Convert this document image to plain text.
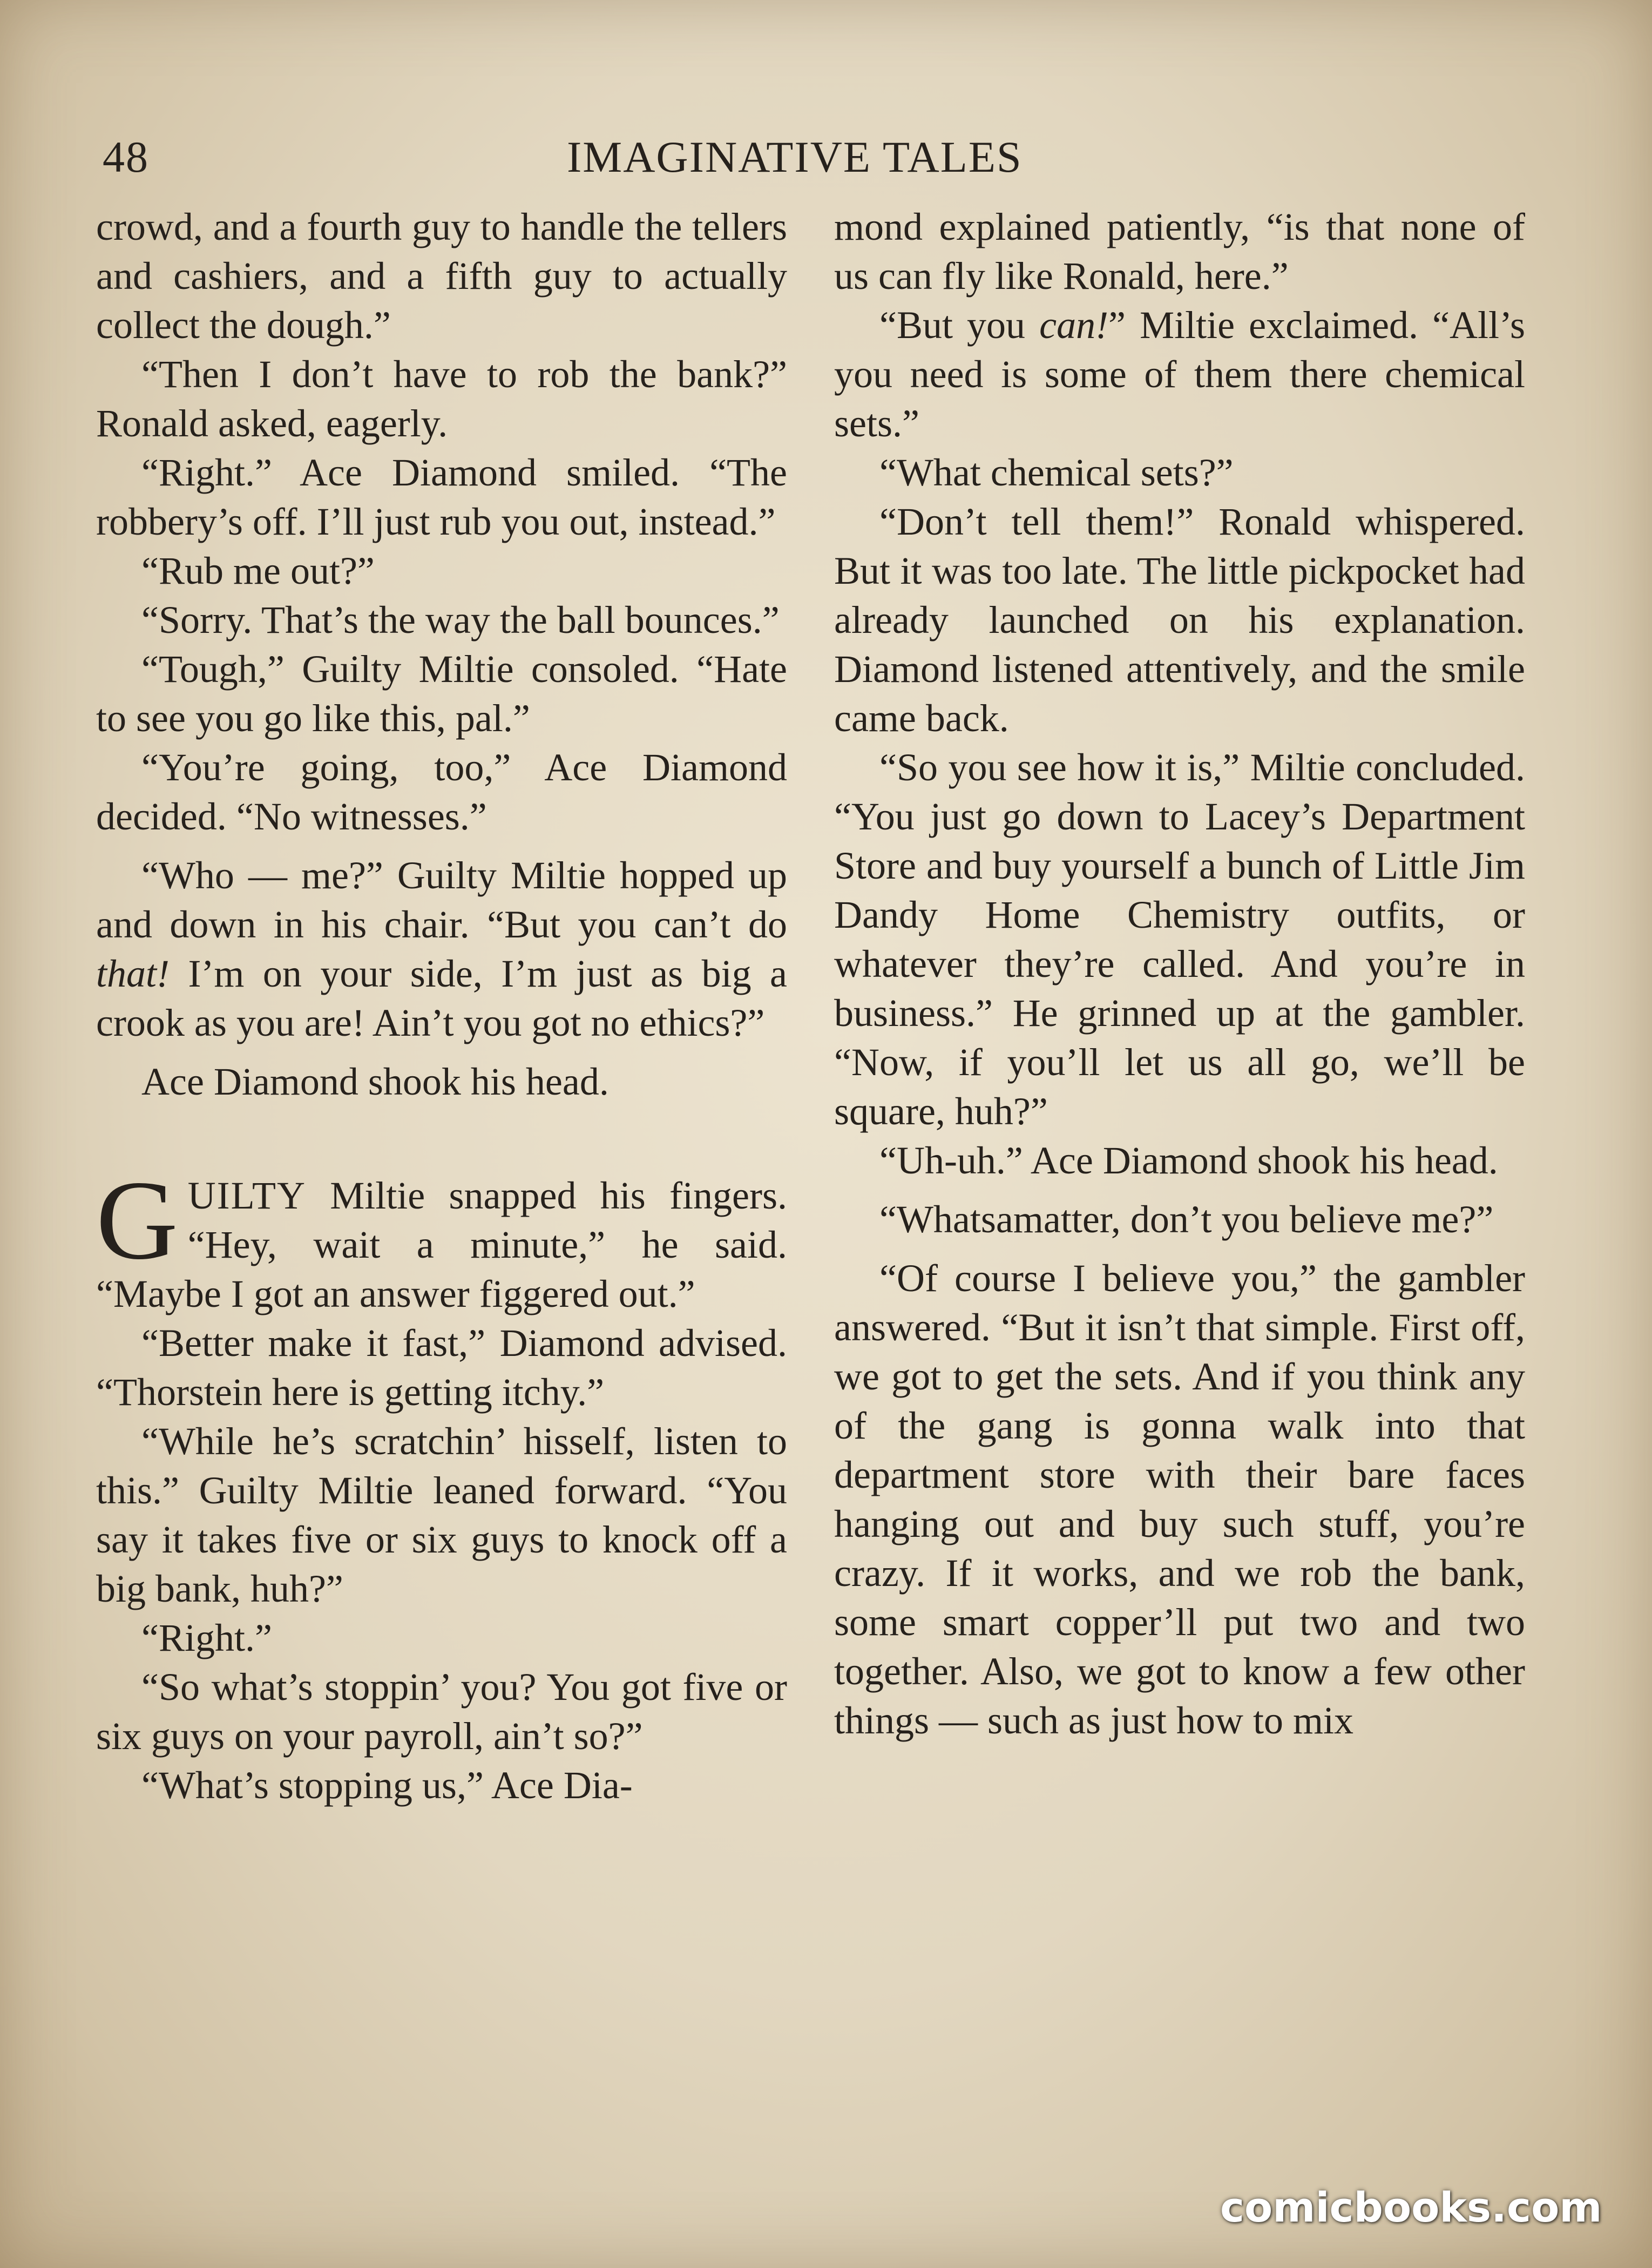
48	IMAGINATIVE TALES

crowd, and a fourth guy to handle the tellers and cashiers, and a fifth guy to actually collect the dough.”

“Then I don’t have to rob the bank?” Ronald asked, eagerly.

“Right.” Ace Diamond smiled. “The robbery’s off. I’ll just rub you out, instead.”

“Rub me out?”

“Sorry. That’s the way the ball bounces.”

“Tough,” Guilty Miltie consoled. “Hate to see you go like this, pal.”

“You’re going, too,” Ace Diamond decided. “No witnesses.”

“Who — me?” Guilty Miltie hopped up and down in his chair. “But you can’t do that! I’m on your side, I’m just as big a crook as you are! Ain’t you got no ethics?”

Ace Diamond shook his head.

GUILTY Miltie snapped his fingers. “Hey, wait a minute,” he said. “Maybe I got an answer figgered out.”

“Better make it fast,” Diamond advised. “Thorstein here is getting itchy.”

“While he’s scratchin’ hisself, listen to this.” Guilty Miltie leaned forward. “You say it takes five or six guys to knock off a big bank, huh?”

“Right.”

“So what’s stoppin’ you? You got five or six guys on your payroll, ain’t so?”

“What’s stopping us,” Ace Dia-

mond explained patiently, “is that none of us can fly like Ronald, here.”

“But you can!” Miltie exclaimed. “All’s you need is some of them there chemical sets.”

“What chemical sets?”

“Don’t tell them!” Ronald whispered. But it was too late. The little pickpocket had already launched on his explanation. Diamond listened attentively, and the smile came back.

“So you see how it is,” Miltie concluded. “You just go down to Lacey’s Department Store and buy yourself a bunch of Little Jim Dandy Home Chemistry outfits, or whatever they’re called. And you’re in business.” He grinned up at the gambler. “Now, if you’ll let us all go, we’ll be square, huh?”

“Uh-uh.” Ace Diamond shook his head.

“Whatsamatter, don’t you believe me?”

“Of course I believe you,” the gambler answered. “But it isn’t that simple. First off, we got to get the sets. And if you think any of the gang is gonna walk into that department store with their bare faces hanging out and buy such stuff, you’re crazy. If it works, and we rob the bank, some smart copper’ll put two and two together. Also, we got to know a few other things — such as just how to mix

comicbooks.com
